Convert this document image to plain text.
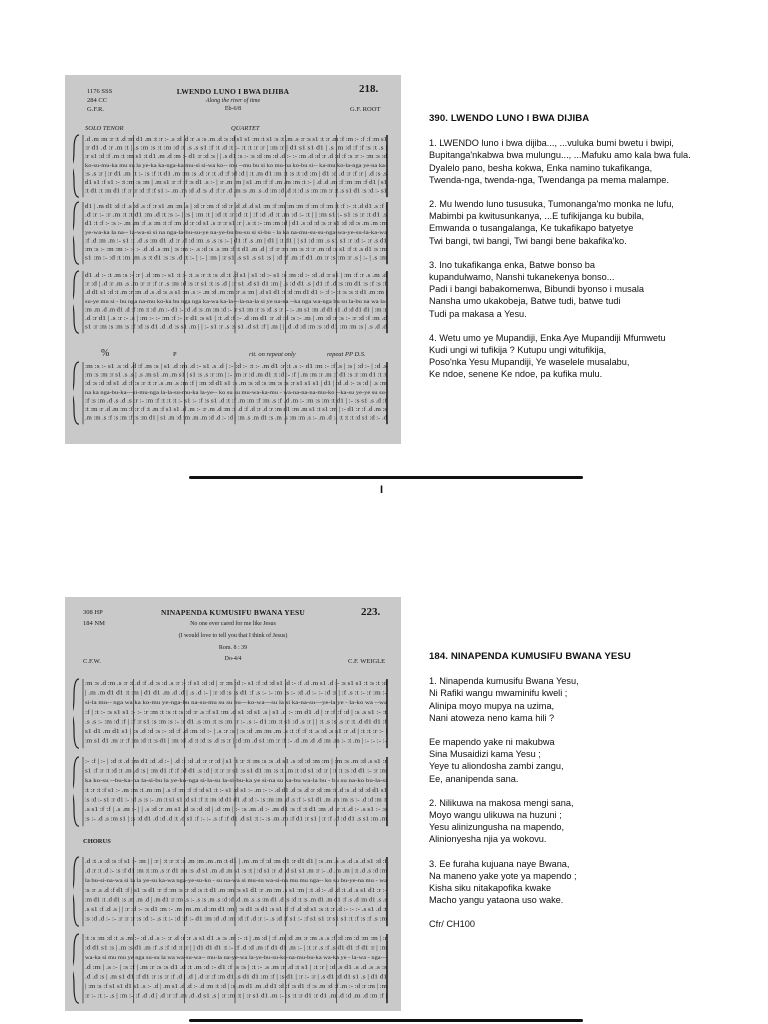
1176 SSS
284 CC
G.F.R.
LWENDO LUNO I BWA DIJIBA	218.
Along the river of time
Eb-6/8	G.F. ROOT
SOLO TENOR	QUARTET
.d .m :m :r :t .d :m d1 .m :t :r :- .s :d .d :r .s :s .m .d :s :d s1 s1 :m :t s1 :s :t .m .s :r :s s1 :t :r .m :f :m :- :f :f :m s1
:r d1 .d :r .m :t | .s :m :s :t :m :d :t .s .s s1 :f :t .d :t :- :t :t :r :r | :m :r | d1 s1 s1 d1 | .s .m :d :f :f :s :t .s |
:r s1 :d :f .m :t :m s1 :t d1 .m .d :m :- d1 :r :d :s | | .s d1 :s :- :s :d :m :d .d :- :- :m .d :d :r .d :d :f :s :r :- :m :s :d
ko-su-mu-ka mu su la ye-ka ka-nga-ka mu-si si-wa ko-- mu --mu bu si ko mu-na ko-bu si-- ka-mu ko-la-nga ye-na ka-
:s .s :r | :r d1 .m :t :- :s :f :t d1 .m :m :s .d :r :t .d :f :d :d | :t .m d1 :m :t :s :t :d :m | d1 :d .d :r :f :r | .d :s .s
d1 s1 :f s1 :- :t :m :s :m | .m s1 :r :f :f :s d1 .s :- | :r .m :m | s1 .m :f :f .m .m :m :t :- | .d .d .m :f :m :m :f d1 | s1
:t d1 :t :m d1 :f :r :r :d :f :f s1 :- .m .m :d .d :s .d :f :r .d .m :s .m .s .d :m :d .d :t :d .s :m :m :r :t .s s1 d1 :s :d :- s1
d1 | .m d1 :d :f .s :d .s :f :r s1 .m :m .s | :d :r :m :f :d :r .d .d .d s1 :m :f :m :m :m :f :m :f :m :t :f :- :t .d d1 .s :f |
.d :r :- :r .m :t :t d1 :m .d :t :s :- | :s | :m :t | :d :t :r :d :t | :f :d .d :t .m :d :- :t | | :m s1 :- s1 :s :r :t d1 .s
d1 :t :f :- :s :- .m .m :f .s :m :t :f :m .d :r :d s1 .s :r :r s1 :r | .s :t :- :m :m :d | d1 .s :d :d :s :r s1 :d :d :s .m .m :m
ye-wa-ka la na-- la-wa-si si na nga-la-bu-su-ye na-ye-bu bu-su si si-bu - la ka na-mu-su-su-nga-wa-ye-su-la-ka-wa
:f .d :m .m :- s1 :t .d .s :m d1 .d :r .d :d :m .s .s :s :- | d1 :f .s .m | d1 | :t d1 | | s1 :d :m .s s1 s1 :r :d :- :r .s d1
:m :s :- :m :m :- :- :- .d .d .s :m | :s :m :- .s :d :s .s :m :f :t d1 .m .d | :f :r :m :m :s :t :r .m :d :s s1 :f :t .s d1 :s :m
s1 :m :- :d :t :m .m .s :t d1 :s :s .d :t :- | :- | :m | :r s1 .s s1 .s s1 :s | :d :f .m :f d1 .m :r :s :m :r .s | :- | .s :m
d1 .d :- :t .m :s :- :r | .d :m :- s1 :t :- :t .s :r :t :s .d :t .d s1 | s1 :d :- s1 :s :m :d :- :d .d :r s1 | :m :f :r .s .m .d
:r :d | .d :r .m .s .m :r :r :f :r .s :m :d :s :r s1 :t :s .d | :r s1 .d s1 d1 :m | .s :d d1 .s | d1 :f .d :s :m d1 :s :f :s :f
.d d1 s1 :d :t .m :r :m .d .s .d :s .s s1 :m .s :- .m :d .m :m :r .s :m | .d s1 d1 :t :d :m d1 d1 :- :f :- :t :s :s :t d1 .m :m |
su-ye mu si - bu nga na-mu ko-ka bu nga nga ka-wa ka-la---la-na-la si ye na-na --ka nga wa-nga bu su la-bu na wa la-
:m .m .d .m d1 .d :f :m :t :d .m :- d1 :- :d .d :s .m :m :d :- :r s1 :m :r :s :d .s :r :- :- .m s1 :m .d d1 s1 .d :d d1 d1 | :m :r
.d :r d1 | .s :r :- .s | :m :- :- :m :f :- :r d1 :s s1 | :t .d :f :- .d :m d1 :r .d :d :s :- .m | .m :d :r :s :- :r :d :f :m .d
s1 :r :m :s :m :s :f :d :s d1 .d .d :s s1 .m | | :- s1 :r .s :s s1 .d s1 :f | .m | | .d .d :d :m :s :d d1 :m :m :s | .s .d .d
%	P	rit. on repeat only	repeat PP D.S.
:m :s :- s1 .s :d .d :f .m :s | s1 .d :m .d :- s1 .s .d | :- :d :- :t :- .m d1 :r :t .s :- d1 :m :- :f .s | :s | :d :- | :d .s
:m :s :m :r s1 .s .s | .s .m s1 .m .m s1 | s1 :s .s :r :m | :- :m :r :d .m d1 :t :d :- :f | .m :m :r .m :f d1 :s :r :m d1 :t :t
:d :s :d :d s1 .d :f :s :r :t :r .s .m .s :m :f | :m :d d1 s1 :s .m :s :d :s :m :s :s :r s1 s1 s1 | d1 | :d .d :- :s :d | .s :m
na ka nga-bu-ka---si-mu-nga la-la-su-mu-ka la-ye-- ko su su mu-wa-ka-mu - wa-na-na-na-mu-ko --ka-su ye-ye su su-
:f :s :m .d .s .d .s :r :- :m :f :t :t :t :- s1 :- :f :s s1 .d :t :f .m :m :f :m .s :f .d .m :- :m :s :m :t d1 | :- :s s1 .s .d :f
:t :m :r .d .m :m :f :r :f :t .m :f s1 s1 .d .m :- :r .m .d :m :t .d :f .d :r .d :r :m d1 :m .m s1 :t s1 :m | :- d1 :r :f .d .m :s
.m :m .s :f :s :m :f :s :m d1 | s1 .m :d :m .m .m :d .d :- :d | :m .s .m d1 :s .m .s :m :m .s :- .m .d :- :t :t :t :d s1 :d :- .d
390. LWENDO LUNO I BWA DIJIBA
1. LWENDO luno i bwa dijiba..., ...vuluka bumi bwetu i bwipi,
Bupitanga'nkabwa bwa mulungu..., ...Mafuku amo kala bwa fula.
Dyalelo pano, besha kokwa, Enka namino tukafikanga,
Twenda-nga, twenda-nga, Twendanga pa mema malampe.
2. Mu lwendo luno tususuka, Tumonanga'mo monka ne lufu,
Mabimbi pa kwitusunkanya, ...E tufikijanga ku bubila,
Emwanda o tusangalanga, Ke tukafikapo batyetye
Twi bangi, twi bangi, Twi bangi bene bakafika'ko.
3. Ino tukafikanga enka, Batwe bonso ba
kupandulwamo, Nanshi tukanekenya bonso...
Padi i bangi babakomenwa, Bibundi byonso i musala
Nansha umo ukakobeja, Batwe tudi, batwe tudi
Tudi pa makasa a Yesu.
4. Wetu umo ye Mupandiji, Enka Aye Mupandiji Mfumwetu
Kudi ungi wi tufikija ? Kutupu ungi witufikija,
Poso'nka Yesu Mupandiji, Ye waselele musalabu,
Ke ndoe, senene Ke ndoe, pa kufika mulu.
I
308 HP
184 NM
NINAPENDA KUMUSIFU BWANA YESU	223.
No one ever cared for me like Jesus
(I would love to tell you that I think of Jesus)
Rom. 8 : 39
C.F.W.	Do-4/4	C.F. WEIGLE
:m :s .d :m .s :r :t .d :f .d :s :d .s :r :- :f s1 :d :d | :r :m :d :- s1 :f :d :d s1 .d :- :f .d .m s1 .d :- :s s1 s1 :t :s :t :d
| .m .m d1 d1 :t :m | d1 d1 .m .d .d | .s .d :- | :r :d :s :s d1 :f .s :- :- :m :s :- :d .d :- :- :d :r | :f .s :t :- :r :m :-
si-la mu-- nga wa ka ko-mu ye-nga-bu na-su-mu su su bu---ko-wa---su la si ka-na-su---ye-la ye - la-ko wa --wa
:f | :t :- :s s1 s1 :- :- :r :m :t :s :t :s :d :r .s :f s1 :m .d s1 :d s1 .s | s1 .d :- :m d1 .d | :r :f :f :d | :s .s s1 :- :t
.s .s :- :m :d :f | :f :r s1 :s :m :s :- :r d1 .s :m :t :s :m :r :- .s :- d1 :m :t s1 :d .s :r | | :t .s :s .s :r :t .d d1 d1 :f
s1 d1 .m d1 s1 | :s .d :d :s :- :d :f .d :m :d :- | .s :r :s | :s :d .m :m .m .s :t :f :f :t .s :d .s s1 :r .d | :t :t :r :- |
:m s1 d1 .m :r :f :m :d :t :s d1 | :m :d .d :t :d :s .d :s :r | :d :m .d s1 :m :r :f :- .d .m .d .d :m .m :- :t .m | :- :- :- :-
:- :f | :- | :d :t .d :m d1 :d .d :- | .d :t :d .d :r :r :d | s1 :t :r :t :m :s :s .d s1 .s :d :d :m :m | :m :s .m :d .s s1 :r
s1 :f :r :t :d :t .m .d :s | :m d1 :f :f :d d1 .s :d | :t :r :r s1 :s s1 d1 :m :s :t .m :t :d s1 :d :r | :t :t :s :d d1 :- :r :m
ka ko-su --bu-ka-na la-si-bu la ye-ko-nga si-la-su la-si-bu-ka ye si-na su ka-bu wa-la bu - bu su na-ko bu-la-si
:t :r :t :f s1 :- .m :m :t .m :m | .s :f :m :f :f :d s1 :t :- s1 :d s1 :- .m :- :- .d d1 .d :s .d :r :d :m :t .d :s .d :d :d d1 s1
:s :d :- s1 :r d1 :- :d .s :s :- .m :t s1 s1 :d s1 :f :t :m :d d1 d1 .d :d :- :s :m :m .d .s :f :- s1 d1 .m .m :m :s :- .d :d :m :t
.s s1 :f :f | .s .m :- | | .s :d :r .m s1 .d :s :d :d | .d :m | :- :s .m .d :- .m d1 :s :f :t d1 :m .d :r :t .d :- .s s1 :- :s
:s :- .d .s :m s1 | :s :d d1 .d :d .d :t .d s1 :f :- :- .s :f :f d1 .d s1 :t :- :s .m .m :f d1 :r s1 | :r :f .d :d d1 .s s1 :m .m
CHORUS
.d :t .s :d :s :f s1 :- :m | | :r | :t :r :t :s .m :m .m .m :t d1 | .m .m :f :d :m d1 :r d1 d1 | :s .m .s .s .d .s .d s1 :d :f
.d :r :t .d :- :s :f d1 :m :t :m .s :r d1 :m :s .d s1 .m .d .m s1 :s :t | :d s1 :r .d .d s1 s1 .m :r :- .d .m .m | :t .d .s :d :m
la bu-si-na-wa si la la ye-su ka-wa nga-ye-su-ko - su na-wa si mu-su wa-si-na mu mu nga-- ko su bu-ye-na mu - wa
:s :r .s .d :f d1 :f | s1 :s d1 :r :f :m :s :r :d :s :t d1 .m :m :s s1 d1 :r .m :m .s s1 :m | :t .d :- .d .d :t .d .s s1 d1 :r :-
:m d1 :t .d d1 :s .m .m .d | .m d1 :r :m .s :- .s :s .m .s :d :d .d .m .s .s :m d1 .d :s :d :t :s .m d1 .m d1 :f .s .d :m d1 .s .s
.s s1 :f .d .s | | :r :d :- :s d1 :m :- .m :m .m .d :m d1 :m | :s d1 :s d1 :s s1 :f :f .d :d s1 :s :t :r .d :- :- :- .s s1 .d :t
:s :d .d :- :- :r :r :r :s :d :- .s :t :- :d :d :- d1 :m :d .d :m :d :f .d :r :- .s :d :f s1 :- :f s1 s1 :r s1 s1 :t :f :s :f .s :m
:t :s :m :d :t .s .m :- :d .d .s :- :r .d :r :r .s s1 d1 .s :s .m :- :t | .m :d | :f .m :d .m :r :m .s .s :f :d :m :d :m :m | :r
:d d1 s1 :s | .m :s d1 .m :f .s :f :d :t :r | | d1 d1 d1 :t :- :f .d :d .m :f d1 d1 .m :- | :t :r .s :f .s d1 d1 :f d1 :r | :m
wa-ka si mu mu ye nga su-su la wa wa-su-wa-- mu-la na-ye-wa la-ye-bu-su-ko-na-mu-bu-ka wa-ka ye - la-wa - nga---
.d :m | .s :- | :s :f | .m :r :s :s d1 .d :t .m :d :- d1 :f .s :s | :t :- .s .m :r .d :t s1 | :t :r | :d .s d1 .s .d .s .s :s
.d .d :s | .m s1 d1 :f d1 :r :s :r :f .d | .d | .d :r :f :m d1 .s d1 d1 :m :f | :s d1 | :r :- :r | .s d1 :d d1 s1 .s | d1 d1
| :m :s :f s1 s1 d1 s1 .s :- .d | .m s1 .d .d :- .d :m :t :d | :s .m d1 .m .d d1 :d :f :s d1 :f :s .m :d :f .m :- :d :r :m | :m
:r :- :t :- .s | :m :- :f .d .d | .d :r :f .m .d .d s1 .s | :r :m :t | :r s1 d1 .m :- :s :t :r d1 :r d1 .m .d :d .m .d :m :f |
184. NINAPENDA KUMUSIFU BWANA YESU
1. Ninapenda kumusifu Bwana Yesu,
Ni Rafiki wangu mwaminifu kweli ;
Alinipa moyo mupya na uzima,
Nani atoweza neno kama hili ?
Ee mapendo yake ni makubwa
Sina Musaidizi kama Yesu ;
Yeye tu aliondosha zambi zangu,
Ee, ananipenda sana.
2. Nilikuwa na makosa mengi sana,
Moyo wangu ulikuwa na huzuni ;
Yesu alinizungusha na mapendo,
Alinionyesha njia ya wokovu.
3. Ee furaha kujuana naye Bwana,
Na maneno yake yote ya mapendo ;
Kisha siku nitakapofika kwake
Macho yangu yataona uso wake.
Cfr/ CH100
